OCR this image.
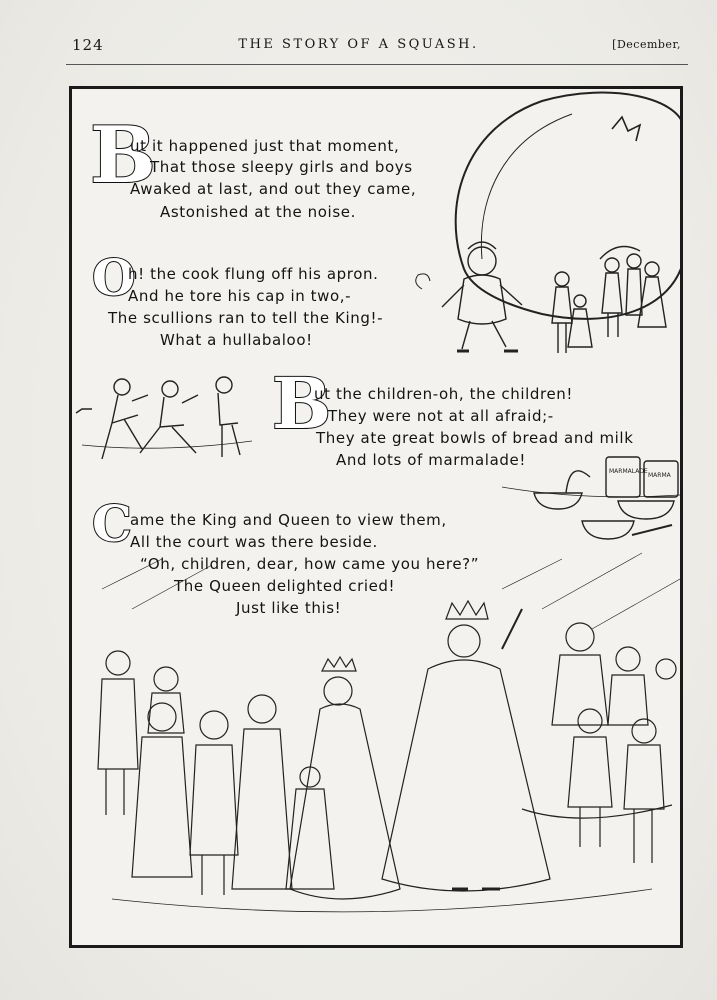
124	THE STORY OF A SQUASH.	[December,
MARMALADE
MARMA
B
ut it happened just that moment,
That those sleepy girls and boys
Awaked at last, and out they came,
Astonished at the noise.
O
h! the cook flung off his apron.
And he tore his cap in two,-
The scullions ran to tell the King!-
What a hullabaloo!
B
ut the children-oh, the children!
They were not at all afraid;-
They ate great bowls of bread and milk
And lots of marmalade!
C
ame the King and Queen to view them,
All the court was there beside.
“Oh, children, dear, how came you here?”
The Queen delighted cried!
Just like this!
